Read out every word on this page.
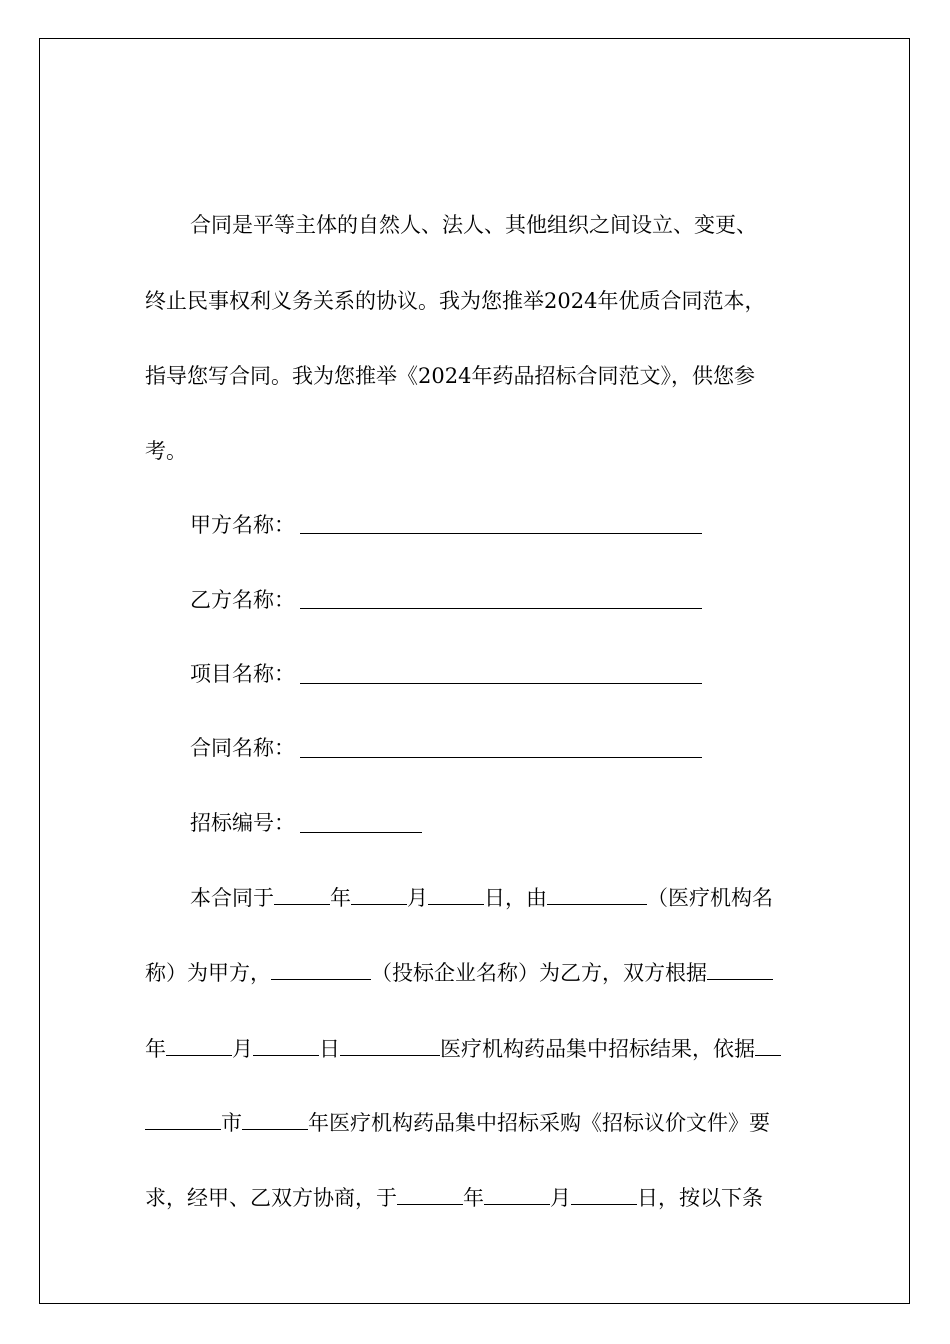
合同是平等主体的自然人、法人、其他组织之间设立、变更、
终止民事权利义务关系的协议。我为您推举2024年优质合同范本，
指导您写合同。我为您推举《2024年药品招标合同范文》，供您参
考。
甲方名称：
乙方名称：
项目名称：
合同名称：
招标编号：
本合同于	年	月	日，由	（医疗机构名
称）为甲方，	（投标企业名称）为乙方，双方根据
年	月	日	医疗机构药品集中招标结果，依据
市	年医疗机构药品集中招标采购《招标议价文件》要
求，经甲、乙双方协商，于	年	月	日，按以下条
